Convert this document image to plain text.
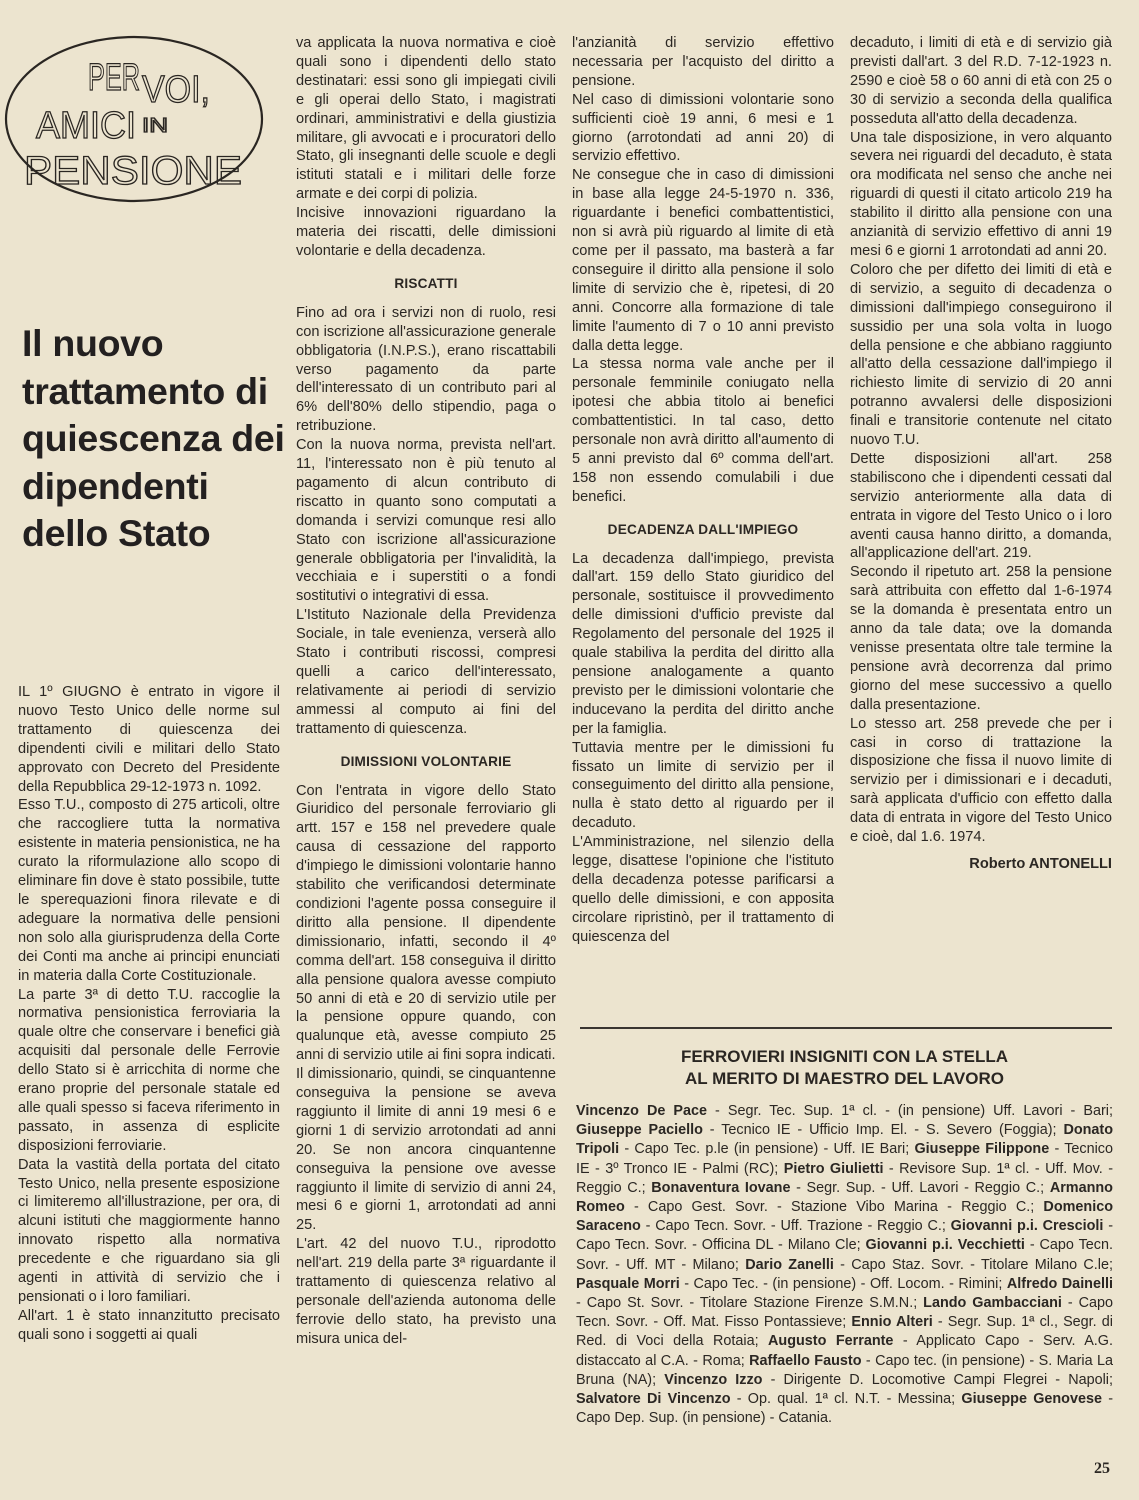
PER VOI,
AMICI IN
PENSIONE
Il nuovo trattamento di quiescenza dei dipendenti dello Stato

IL 1º GIUGNO è entrato in vigore il nuovo Testo Unico delle norme sul trattamento di quiescenza dei dipendenti civili e militari dello Stato approvato con Decreto del Presidente della Repubblica 29-12-1973 n. 1092.

Esso T.U., composto di 275 articoli, oltre che raccogliere tutta la normativa esistente in materia pensionistica, ne ha curato la riformulazione allo scopo di eliminare fin dove è stato possibile, tutte le sperequazioni finora rilevate e di adeguare la normativa delle pensioni non solo alla giurisprudenza della Corte dei Conti ma anche ai principi enunciati in materia dalla Corte Costituzionale.

La parte 3ª di detto T.U. raccoglie la normativa pensionistica ferroviaria la quale oltre che conservare i benefici già acquisiti dal personale delle Ferrovie dello Stato si è arricchita di norme che erano proprie del personale statale ed alle quali spesso si faceva riferimento in passato, in assenza di esplicite disposizioni ferroviarie.

Data la vastità della portata del citato Testo Unico, nella presente esposizione ci limiteremo all'illustrazione, per ora, di alcuni istituti che maggiormente hanno innovato rispetto alla normativa precedente e che riguardano sia gli agenti in attività di servizio che i pensionati o i loro familiari.

All'art. 1 è stato innanzitutto precisato quali sono i soggetti ai quali

va applicata la nuova normativa e cioè quali sono i dipendenti dello stato destinatari: essi sono gli impiegati civili e gli operai dello Stato, i magistrati ordinari, amministrativi e della giustizia militare, gli avvocati e i procuratori dello Stato, gli insegnanti delle scuole e degli istituti statali e i militari delle forze armate e dei corpi di polizia.

Incisive innovazioni riguardano la materia dei riscatti, delle dimissioni volontarie e della decadenza.

RISCATTI

Fino ad ora i servizi non di ruolo, resi con iscrizione all'assicurazione generale obbligatoria (I.N.P.S.), erano riscattabili verso pagamento da parte dell'interessato di un contributo pari al 6% dell'80% dello stipendio, paga o retribuzione.

Con la nuova norma, prevista nell'art. 11, l'interessato non è più tenuto al pagamento di alcun contributo di riscatto in quanto sono computati a domanda i servizi comunque resi allo Stato con iscrizione all'assicurazione generale obbligatoria per l'invalidità, la vecchiaia e i superstiti o a fondi sostitutivi o integrativi di essa.

L'Istituto Nazionale della Previdenza Sociale, in tale evenienza, verserà allo Stato i contributi riscossi, compresi quelli a carico dell'interessato, relativamente ai periodi di servizio ammessi al computo ai fini del trattamento di quiescenza.

DIMISSIONI VOLONTARIE

Con l'entrata in vigore dello Stato Giuridico del personale ferroviario gli artt. 157 e 158 nel prevedere quale causa di cessazione del rapporto d'impiego le dimissioni volontarie hanno stabilito che verificandosi determinate condizioni l'agente possa conseguire il diritto alla pensione. Il dipendente dimissionario, infatti, secondo il 4º comma dell'art. 158 conseguiva il diritto alla pensione qualora avesse compiuto 50 anni di età e 20 di servizio utile per la pensione oppure quando, con qualunque età, avesse compiuto 25 anni di servizio utile ai fini sopra indicati.

Il dimissionario, quindi, se cinquantenne conseguiva la pensione se aveva raggiunto il limite di anni 19 mesi 6 e giorni 1 di servizio arrotondati ad anni 20. Se non ancora cinquantenne conseguiva la pensione ove avesse raggiunto il limite di servizio di anni 24, mesi 6 e giorni 1, arrotondati ad anni 25.

L'art. 42 del nuovo T.U., riprodotto nell'art. 219 della parte 3ª riguardante il trattamento di quiescenza relativo al personale dell'azienda autonoma delle ferrovie dello stato, ha previsto una misura unica del-

l'anzianità di servizio effettivo necessaria per l'acquisto del diritto a pensione.

Nel caso di dimissioni volontarie sono sufficienti cioè 19 anni, 6 mesi e 1 giorno (arrotondati ad anni 20) di servizio effettivo.

Ne consegue che in caso di dimissioni in base alla legge 24-5-1970 n. 336, riguardante i benefici combattentistici, non si avrà più riguardo al limite di età come per il passato, ma basterà a far conseguire il diritto alla pensione il solo limite di servizio che è, ripetesi, di 20 anni. Concorre alla formazione di tale limite l'aumento di 7 o 10 anni previsto dalla detta legge.

La stessa norma vale anche per il personale femminile coniugato nella ipotesi che abbia titolo ai benefici combattentistici. In tal caso, detto personale non avrà diritto all'aumento di 5 anni previsto dal 6º comma dell'art. 158 non essendo comulabili i due benefici.

DECADENZA DALL'IMPIEGO

La decadenza dall'impiego, prevista dall'art. 159 dello Stato giuridico del personale, sostituisce il provvedimento delle dimissioni d'ufficio previste dal Regolamento del personale del 1925 il quale stabiliva la perdita del diritto alla pensione analogamente a quanto previsto per le dimissioni volontarie che inducevano la perdita del diritto anche per la famiglia.

Tuttavia mentre per le dimissioni fu fissato un limite di servizio per il conseguimento del diritto alla pensione, nulla è stato detto al riguardo per il decaduto.

L'Amministrazione, nel silenzio della legge, disattese l'opinione che l'istituto della decadenza potesse parificarsi a quello delle dimissioni, e con apposita circolare ripristinò, per il trattamento di quiescenza del

decaduto, i limiti di età e di servizio già previsti dall'art. 3 del R.D. 7-12-1923 n. 2590 e cioè 58 o 60 anni di età con 25 o 30 di servizio a seconda della qualifica posseduta all'atto della decadenza.

Una tale disposizione, in vero alquanto severa nei riguardi del decaduto, è stata ora modificata nel senso che anche nei riguardi di questi il citato articolo 219 ha stabilito il diritto alla pensione con una anzianità di servizio effettivo di anni 19 mesi 6 e giorni 1 arrotondati ad anni 20.

Coloro che per difetto dei limiti di età e di servizio, a seguito di decadenza o dimissioni dall'impiego conseguirono il sussidio per una sola volta in luogo della pensione e che abbiano raggiunto all'atto della cessazione dall'impiego il richiesto limite di servizio di 20 anni potranno avvalersi delle disposizioni finali e transitorie contenute nel citato nuovo T.U.

Dette disposizioni all'art. 258 stabiliscono che i dipendenti cessati dal servizio anteriormente alla data di entrata in vigore del Testo Unico o i loro aventi causa hanno diritto, a domanda, all'applicazione dell'art. 219.

Secondo il ripetuto art. 258 la pensione sarà attribuita con effetto dal 1-6-1974 se la domanda è presentata entro un anno da tale data; ove la domanda venisse presentata oltre tale termine la pensione avrà decorrenza dal primo giorno del mese successivo a quello dalla presentazione.

Lo stesso art. 258 prevede che per i casi in corso di trattazione la disposizione che fissa il nuovo limite di servizio per i dimissionari e i decaduti, sarà applicata d'ufficio con effetto dalla data di entrata in vigore del Testo Unico e cioè, dal 1.6. 1974.

Roberto ANTONELLI

FERROVIERI INSIGNITI CON LA STELLA
AL MERITO DI MAESTRO DEL LAVORO

Vincenzo De Pace - Segr. Tec. Sup. 1ª cl. - (in pensione) Uff. Lavori - Bari; Giuseppe Paciello - Tecnico IE - Ufficio Imp. El. - S. Severo (Foggia); Donato Tripoli - Capo Tec. p.le (in pensione) - Uff. IE Bari; Giuseppe Filippone - Tecnico IE - 3º Tronco IE - Palmi (RC); Pietro Giulietti - Revisore Sup. 1ª cl. - Uff. Mov. - Reggio C.; Bonaventura Iovane - Segr. Sup. - Uff. Lavori - Reggio C.; Armanno Romeo - Capo Gest. Sovr. - Stazione Vibo Marina - Reggio C.; Domenico Saraceno - Capo Tecn. Sovr. - Uff. Trazione - Reggio C.; Giovanni p.i. Crescioli - Capo Tecn. Sovr. - Officina DL - Milano Cle; Giovanni p.i. Vecchietti - Capo Tecn. Sovr. - Uff. MT - Milano; Dario Zanelli - Capo Staz. Sovr. - Titolare Milano C.le; Pasquale Morri - Capo Tec. - (in pensione) - Off. Locom. - Rimini; Alfredo Dainelli - Capo St. Sovr. - Titolare Stazione Firenze S.M.N.; Lando Gambacciani - Capo Tecn. Sovr. - Off. Mat. Fisso Pontassieve; Ennio Alteri - Segr. Sup. 1ª cl., Segr. di Red. di Voci della Rotaia; Augusto Ferrante - Applicato Capo - Serv. A.G. distaccato al C.A. - Roma; Raffaello Fausto - Capo tec. (in pensione) - S. Maria La Bruna (NA); Vincenzo Izzo - Dirigente D. Locomotive Campi Flegrei - Napoli; Salvatore Di Vincenzo - Op. qual. 1ª cl. N.T. - Messina; Giuseppe Genovese - Capo Dep. Sup. (in pensione) - Catania.

25
